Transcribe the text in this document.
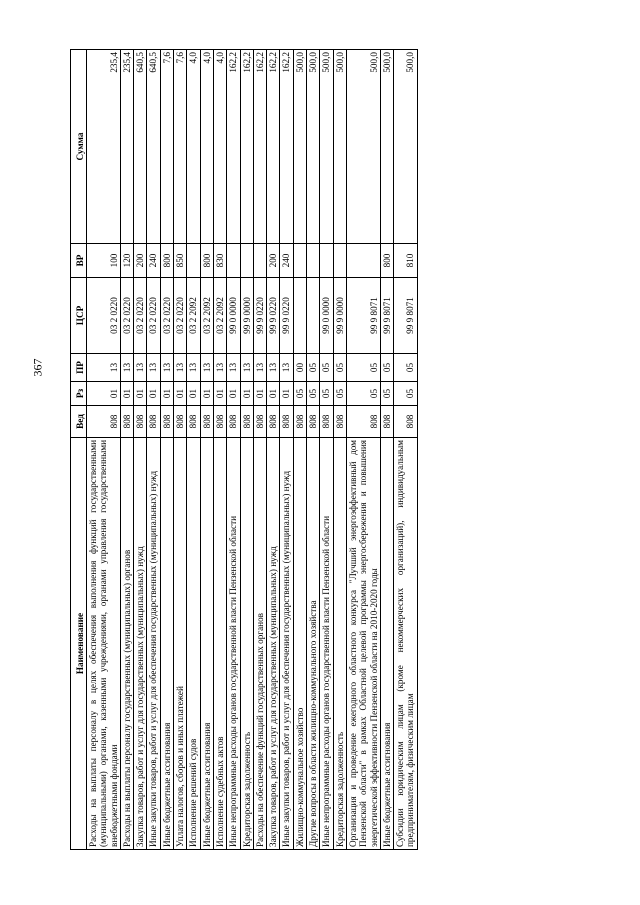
367
Наименование	Вед	Рз	ПР	ЦСР	ВР	Сумма
Расходы на выплаты персоналу в целях обеспечения выполнения функций государственными (муниципальными) органами, казенными учреждениями, органами управления государственными внебюджетными фондами	808	01	13	03 2 0220	100	235,4
Расходы на выплаты персоналу государственных (муниципальных) органов	808	01	13	03 2 0220	120	235,4
Закупка товаров, работ и услуг для государственных (муниципальных) нужд	808	01	13	03 2 0220	200	640,5
Иные закупки товаров, работ и услуг для обеспечения государственных (муниципальных) нужд	808	01	13	03 2 0220	240	640,5
Иные бюджетные ассигнования	808	01	13	03 2 0220	800	7,6
Уплата налогов, сборов и иных платежей	808	01	13	03 2 0220	850	7,6
Исполнение решений судов	808	01	13	03 2 2092		4,0
Иные бюджетные ассигнования	808	01	13	03 2 2092	800	4,0
Исполнение судебных актов	808	01	13	03 2 2092	830	4,0
Иные непрограммные расходы органов государственной власти Пензенской области	808	01	13	99 0 0000		162,2
Кредиторская задолженность	808	01	13	99 9 0000		162,2
Расходы на обеспечение функций государственных органов	808	01	13	99 9 0220		162,2
Закупка товаров, работ и услуг для государственных (муниципальных) нужд	808	01	13	99 9 0220	200	162,2
Иные закупки товаров, работ и услуг для обеспечения государственных (муниципальных) нужд	808	01	13	99 9 0220	240	162,2
Жилищно-коммунальное хозяйство	808	05	00			500,0
Другие вопросы в области жилищно-коммунального хозяйства	808	05	05			500,0
Иные непрограммные расходы органов государственной власти Пензенской области	808	05	05	99 0 0000		500,0
Кредиторская задолженность	808	05	05	99 9 0000		500,0
Организация и проведение ежегодного областного конкурса "Лучший энергоэффективный дом Пензенской области" в рамках Областной целевой программы энергосбережения и повышения энергетической эффективности Пензенской области на 2010-2020 годы	808	05	05	99 9 8071		500,0
Иные бюджетные ассигнования	808	05	05	99 9 8071	800	500,0
Субсидии юридическим лицам (кроме некоммерческих организаций), индивидуальным предпринимателям, физическим лицам	808	05	05	99 9 8071	810	500,0
